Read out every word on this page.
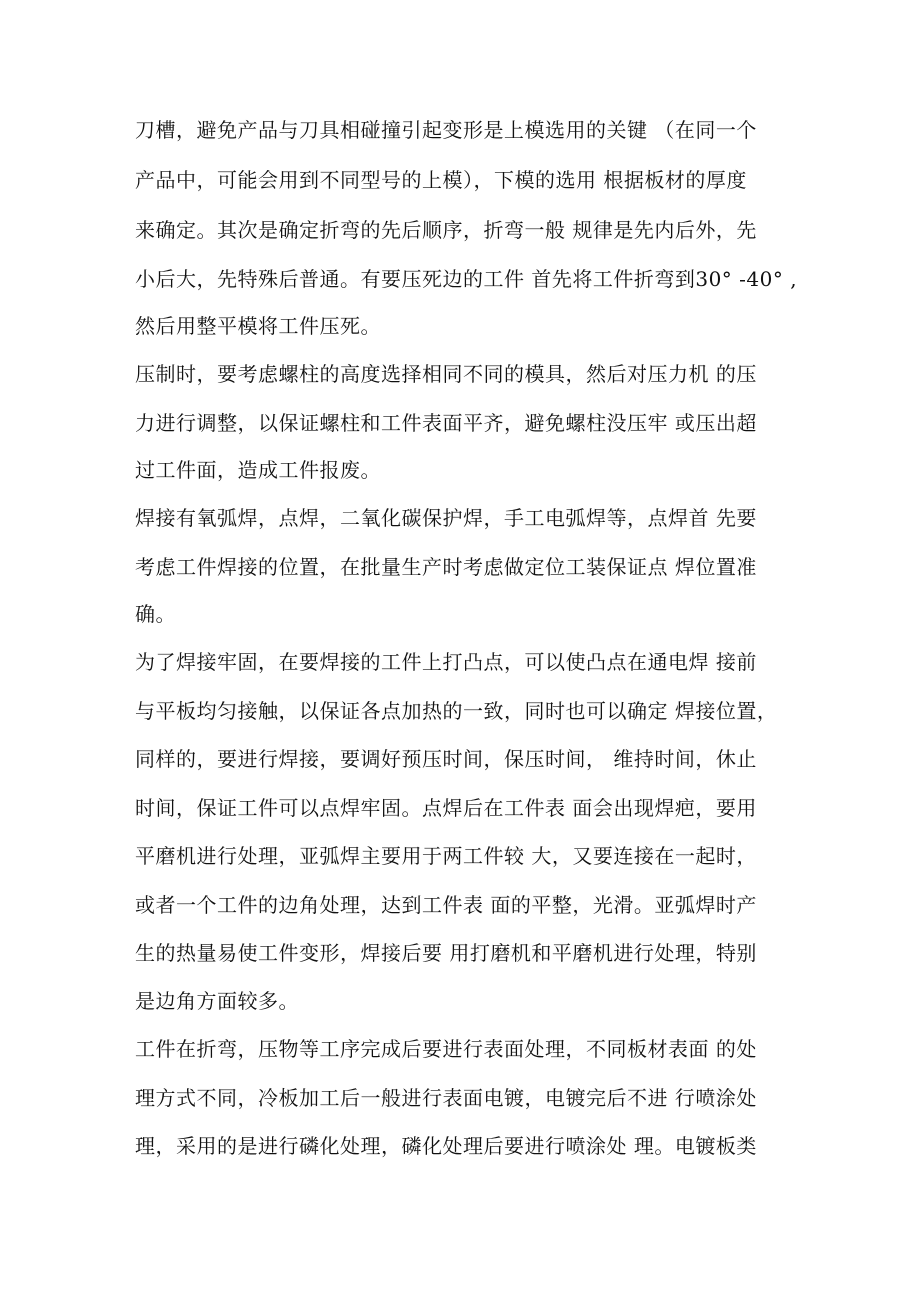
刀槽，避免产品与刀具相碰撞引起变形是上模选用的关键 （在同一个
产品中，可能会用到不同型号的上模），下模的选用 根据板材的厚度
来确定。其次是确定折弯的先后顺序，折弯一般 规律是先内后外，先
小后大，先特殊后普通。有要压死边的工件 首先将工件折弯到30° -40° ,
然后用整平模将工件压死。
压制时，要考虑螺柱的高度选择相同不同的模具，然后对压力机 的压
力进行调整，以保证螺柱和工件表面平齐，避免螺柱没压牢 或压出超
过工件面，造成工件报废。
焊接有氧弧焊，点焊，二氧化碳保护焊，手工电弧焊等，点焊首 先要
考虑工件焊接的位置，在批量生产时考虑做定位工装保证点 焊位置准
确。
为了焊接牢固，在要焊接的工件上打凸点，可以使凸点在通电焊 接前
与平板均匀接触，以保证各点加热的一致，同时也可以确定 焊接位置，
同样的，要进行焊接，要调好预压时间，保压时间， 维持时间，休止
时间，保证工件可以点焊牢固。点焊后在工件表 面会出现焊疤，要用
平磨机进行处理，亚弧焊主要用于两工件较 大，又要连接在一起时，
或者一个工件的边角处理，达到工件表 面的平整，光滑。亚弧焊时产
生的热量易使工件变形，焊接后要 用打磨机和平磨机进行处理，特别
是边角方面较多。
工件在折弯，压物等工序完成后要进行表面处理，不同板材表面 的处
理方式不同，冷板加工后一般进行表面电镀，电镀完后不进 行喷涂处
理，采用的是进行磷化处理，磷化处理后要进行喷涂处 理。电镀板类
